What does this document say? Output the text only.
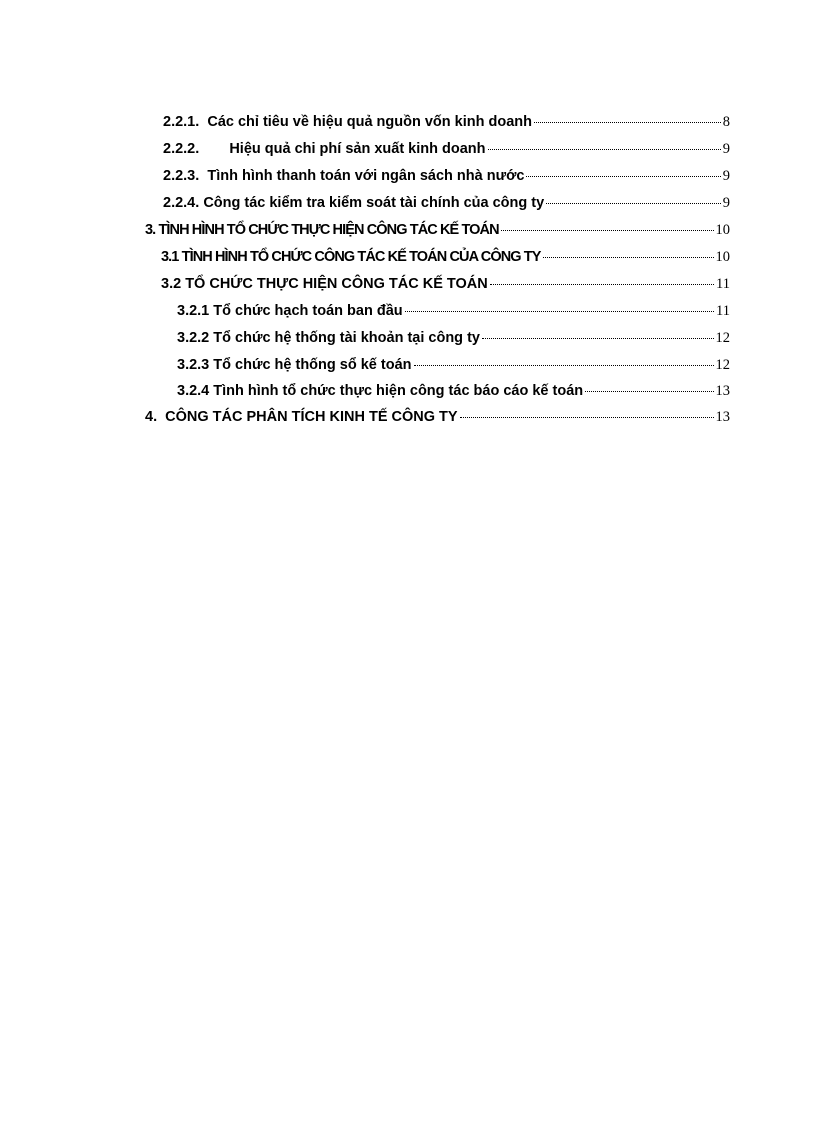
2.2.1. Các chỉ tiêu về hiệu quả nguồn vốn kinh doanh	8
2.2.2. Hiệu quả chi phí sản xuất kinh doanh	9
2.2.3. Tình hình thanh toán với ngân sách nhà nước	9
2.2.4. Công tác kiểm tra kiểm soát tài chính của công ty	9
3. TÌNH HÌNH TỔ CHỨC THỰC HIỆN CÔNG TÁC KẾ TOÁN	10
3.1 TÌNH HÌNH TỔ CHỨC CÔNG TÁC KẾ TOÁN CỦA CÔNG TY	10
3.2 TỔ CHỨC THỰC HIỆN CÔNG TÁC KẾ TOÁN	11
3.2.1 Tổ chức hạch toán ban đầu	11
3.2.2 Tổ chức hệ thống tài khoản tại công ty	12
3.2.3 Tổ chức hệ thống sổ kế toán	12
3.2.4 Tình hình tổ chức thực hiện công tác báo cáo kế toán	13
4. CÔNG TÁC PHÂN TÍCH KINH TẾ CÔNG TY	13
